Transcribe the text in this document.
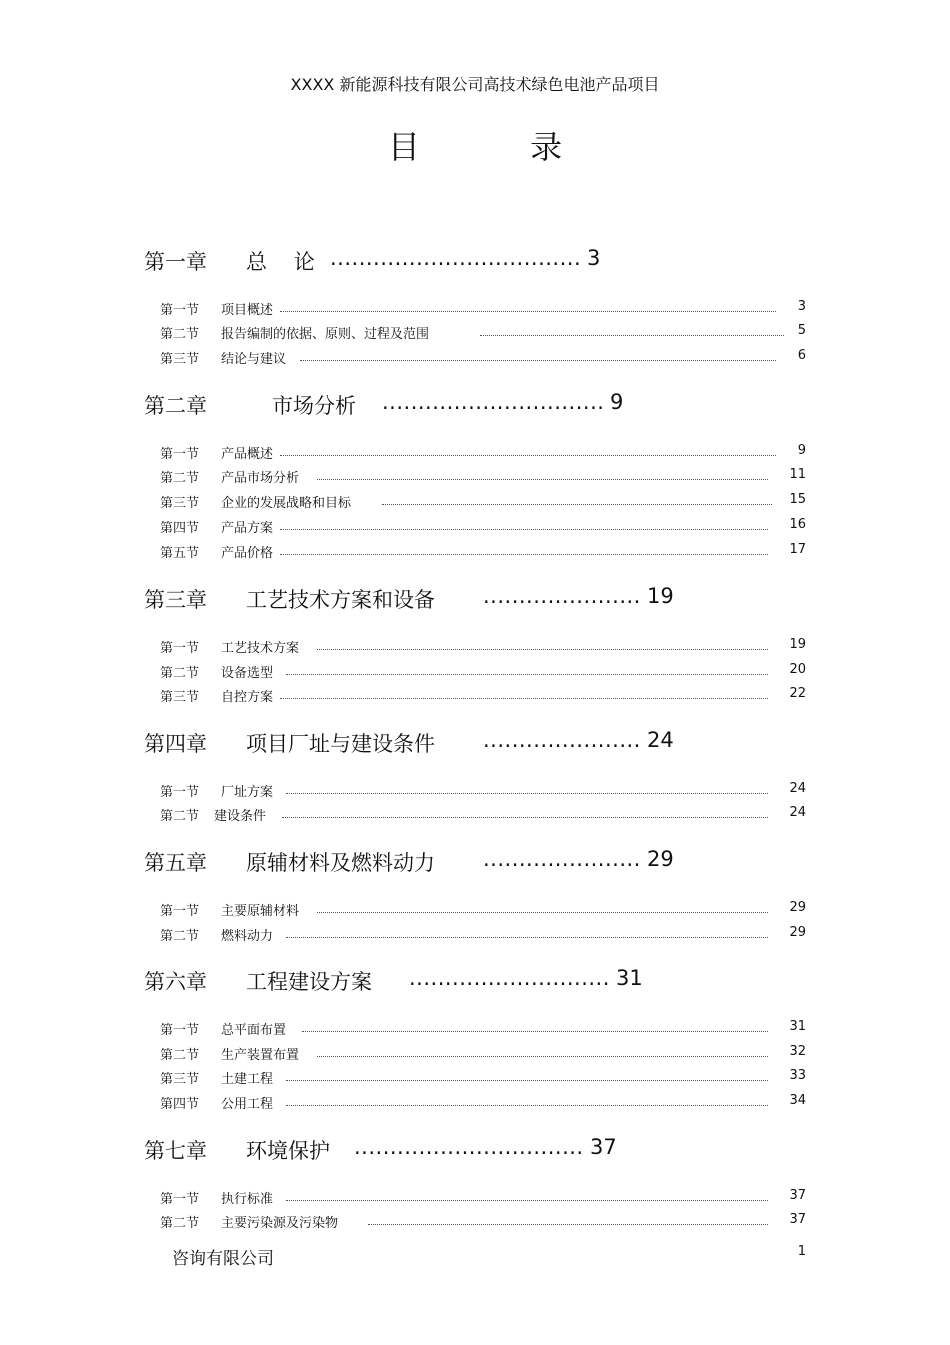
XXXX 新能源科技有限公司高技术绿色电池产品项目
目 录
第一章 总    论 ................................... 3
第一节 项目概述	3
第二节 报告编制的依据、原则、过程及范围	5
第三节 结论与建议	6
第二章	市场分析 ............................... 9
第一节 产品概述	9
第二节 产品市场分析	11
第三节 企业的发展战略和目标	15
第四节 产品方案	16
第五节 产品价格	17
第三章 工艺技术方案和设备 ...................... 19
第一节 工艺技术方案	19
第二节 设备选型	20
第三节 自控方案	22
第四章 项目厂址与建设条件 ...................... 24
第一节 厂址方案	24
第二节 建设条件	24
第五章 原辅材料及燃料动力 ...................... 29
第一节 主要原辅材料	29
第二节 燃料动力	29
第六章 工程建设方案 ............................ 31
第一节 总平面布置	31
第二节 生产装置布置	32
第三节 土建工程	33
第四节 公用工程	34
第七章 环境保护 ................................ 37
第一节 执行标准	37
第二节 主要污染源及污染物	37
咨询有限公司	1
